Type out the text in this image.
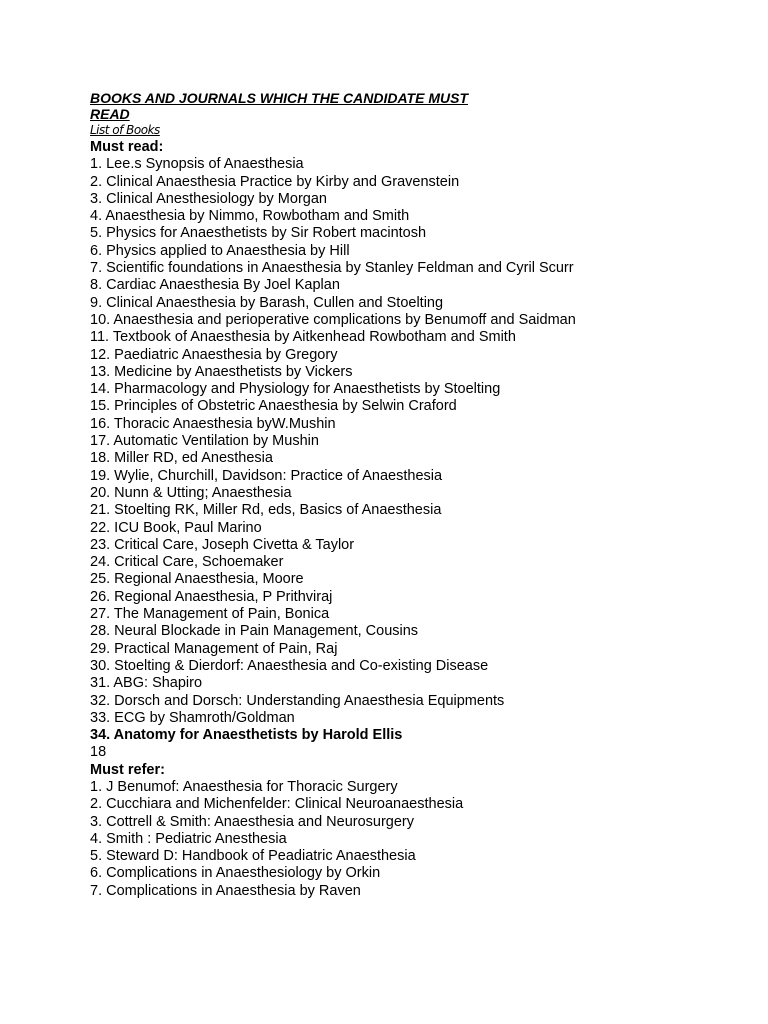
BOOKS AND JOURNALS WHICH THE CANDIDATE MUST READ

List of Books

Must read:

1. Lee.s Synopsis of Anaesthesia
2. Clinical Anaesthesia Practice by Kirby and Gravenstein
3. Clinical Anesthesiology by Morgan
4. Anaesthesia by Nimmo, Rowbotham and Smith
5. Physics for Anaesthetists by Sir Robert macintosh
6. Physics applied to Anaesthesia by Hill
7. Scientific foundations in Anaesthesia by Stanley Feldman and Cyril Scurr
8. Cardiac Anaesthesia By Joel Kaplan
9. Clinical Anaesthesia by Barash, Cullen and Stoelting
10. Anaesthesia and perioperative complications by Benumoff and Saidman
11. Textbook of Anaesthesia by Aitkenhead Rowbotham and Smith
12. Paediatric Anaesthesia by Gregory
13. Medicine by Anaesthetists by Vickers
14. Pharmacology and Physiology for Anaesthetists by Stoelting
15. Principles of Obstetric Anaesthesia by Selwin Craford
16. Thoracic Anaesthesia byW.Mushin
17. Automatic Ventilation by Mushin
18. Miller RD, ed Anesthesia
19. Wylie, Churchill, Davidson: Practice of Anaesthesia
20. Nunn & Utting; Anaesthesia
21. Stoelting RK, Miller Rd, eds, Basics of Anaesthesia
22. ICU Book, Paul Marino
23. Critical Care, Joseph Civetta & Taylor
24. Critical Care, Schoemaker
25. Regional Anaesthesia, Moore
26. Regional Anaesthesia, P Prithviraj
27. The Management of Pain, Bonica
28. Neural Blockade in Pain Management, Cousins
29. Practical Management of Pain, Raj
30. Stoelting & Dierdorf: Anaesthesia and Co-existing Disease
31. ABG: Shapiro
32. Dorsch and Dorsch: Understanding Anaesthesia Equipments
33. ECG by Shamroth/Goldman
34. Anatomy for Anaesthetists by Harold Ellis

18

Must refer:

1. J Benumof: Anaesthesia for Thoracic Surgery
2. Cucchiara and Michenfelder: Clinical Neuroanaesthesia
3. Cottrell & Smith: Anaesthesia and Neurosurgery
4. Smith : Pediatric Anesthesia
5. Steward D: Handbook of Peadiatric Anaesthesia
6. Complications in Anaesthesiology by Orkin
7. Complications in Anaesthesia by Raven
